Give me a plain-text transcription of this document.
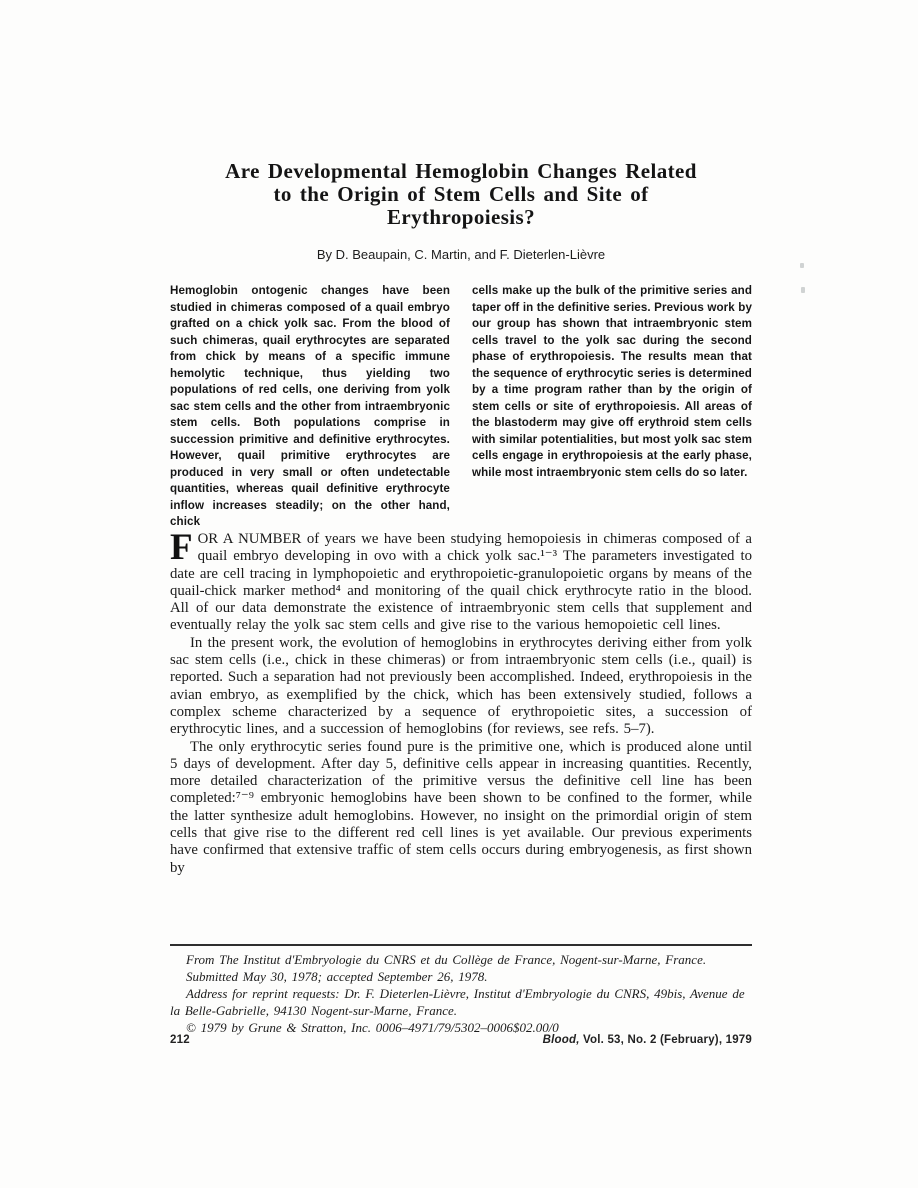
Are Developmental Hemoglobin Changes Related
to the Origin of Stem Cells and Site of
Erythropoiesis?
By D. Beaupain, C. Martin, and F. Dieterlen-Lièvre

Hemoglobin ontogenic changes have been studied in chimeras composed of a quail embryo grafted on a chick yolk sac. From the blood of such chimeras, quail erythrocytes are separated from chick by means of a specific immune hemolytic technique, thus yielding two populations of red cells, one deriving from yolk sac stem cells and the other from intraembryonic stem cells. Both populations comprise in succession primitive and definitive erythrocytes. However, quail primitive erythrocytes are produced in very small or often undetectable quantities, whereas quail definitive erythrocyte inflow increases steadily; on the other hand, chick

cells make up the bulk of the primitive series and taper off in the definitive series. Previous work by our group has shown that intraembryonic stem cells travel to the yolk sac during the second phase of erythropoiesis. The results mean that the sequence of erythrocytic series is determined by a time program rather than by the origin of stem cells or site of erythropoiesis. All areas of the blastoderm may give off erythroid stem cells with similar potentialities, but most yolk sac stem cells engage in erythropoiesis at the early phase, while most intraembryonic stem cells do so later.

FOR A NUMBER of years we have been studying hemopoiesis in chimeras composed of a quail embryo developing in ovo with a chick yolk sac.¹⁻³ The parameters investigated to date are cell tracing in lymphopoietic and erythropoietic-granulopoietic organs by means of the quail-chick marker method⁴ and monitoring of the quail chick erythrocyte ratio in the blood. All of our data demonstrate the existence of intraembryonic stem cells that supplement and eventually relay the yolk sac stem cells and give rise to the various hemopoietic cell lines.

In the present work, the evolution of hemoglobins in erythrocytes deriving either from yolk sac stem cells (i.e., chick in these chimeras) or from intraembryonic stem cells (i.e., quail) is reported. Such a separation had not previously been accomplished. Indeed, erythropoiesis in the avian embryo, as exemplified by the chick, which has been extensively studied, follows a complex scheme characterized by a sequence of erythropoietic sites, a succession of erythrocytic lines, and a succession of hemoglobins (for reviews, see refs. 5–7).

The only erythrocytic series found pure is the primitive one, which is produced alone until 5 days of development. After day 5, definitive cells appear in increasing quantities. Recently, more detailed characterization of the primitive versus the definitive cell line has been completed:⁷⁻⁹ embryonic hemoglobins have been shown to be confined to the former, while the latter synthesize adult hemoglobins. However, no insight on the primordial origin of stem cells that give rise to the different red cell lines is yet available. Our previous experiments have confirmed that extensive traffic of stem cells occurs during embryogenesis, as first shown by

From The Institut d'Embryologie du CNRS et du Collège de France, Nogent-sur-Marne, France.

Submitted May 30, 1978; accepted September 26, 1978.

Address for reprint requests: Dr. F. Dieterlen-Lièvre, Institut d'Embryologie du CNRS, 49bis, Avenue de la Belle-Gabrielle, 94130 Nogent-sur-Marne, France.

© 1979 by Grune & Stratton, Inc. 0006–4971/79/5302–0006$02.00/0

212	Blood, Vol. 53, No. 2 (February), 1979
